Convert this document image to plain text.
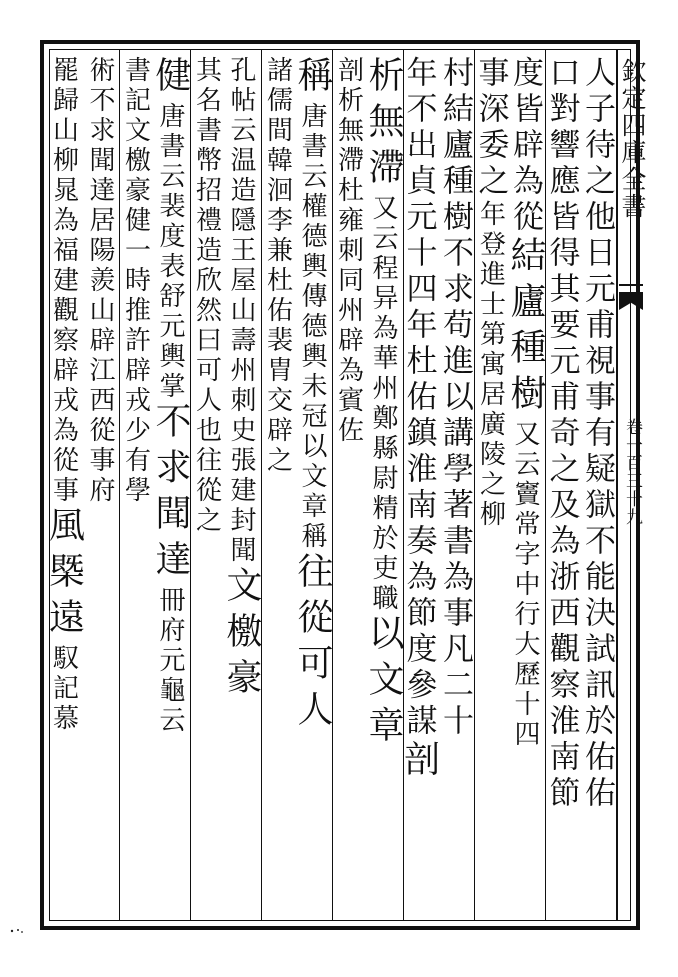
欽定四庫全書
卷一百三十九
人子待之他日元甫視事有疑獄不能決試訊於佑佑
口對響應皆得其要元甫奇之及為浙西觀察淮南節
度皆辟為從結廬種樹又云竇常字中行大歷十四
事深委之年登進士第寓居廣陵之柳
村結廬種樹不求苟進以講學著書為事凡二十
年不出貞元十四年杜佑鎮淮南奏為節度參謀剖
析無滯又云程异為華州鄭縣尉精於吏職以文章
剖析無滯杜雍刺同州辟為賓佐
稱唐書云權德輿傳德輿未冠以文章稱往從可人
諸儒間韓洄李兼杜佑裴胄交辟之
孔帖云温造隱王屋山壽州刺史張建封聞文檄豪
其名書幣招禮造欣然曰可人也往從之
健唐書云裴度表舒元輿掌不求聞達冊府元龜云
書記文檄豪健一時推許辟戎少有學
術不求聞達居陽羨山辟江西從事府
罷歸山柳晁為福建觀察辟戎為從事風槩遠馭記慕
